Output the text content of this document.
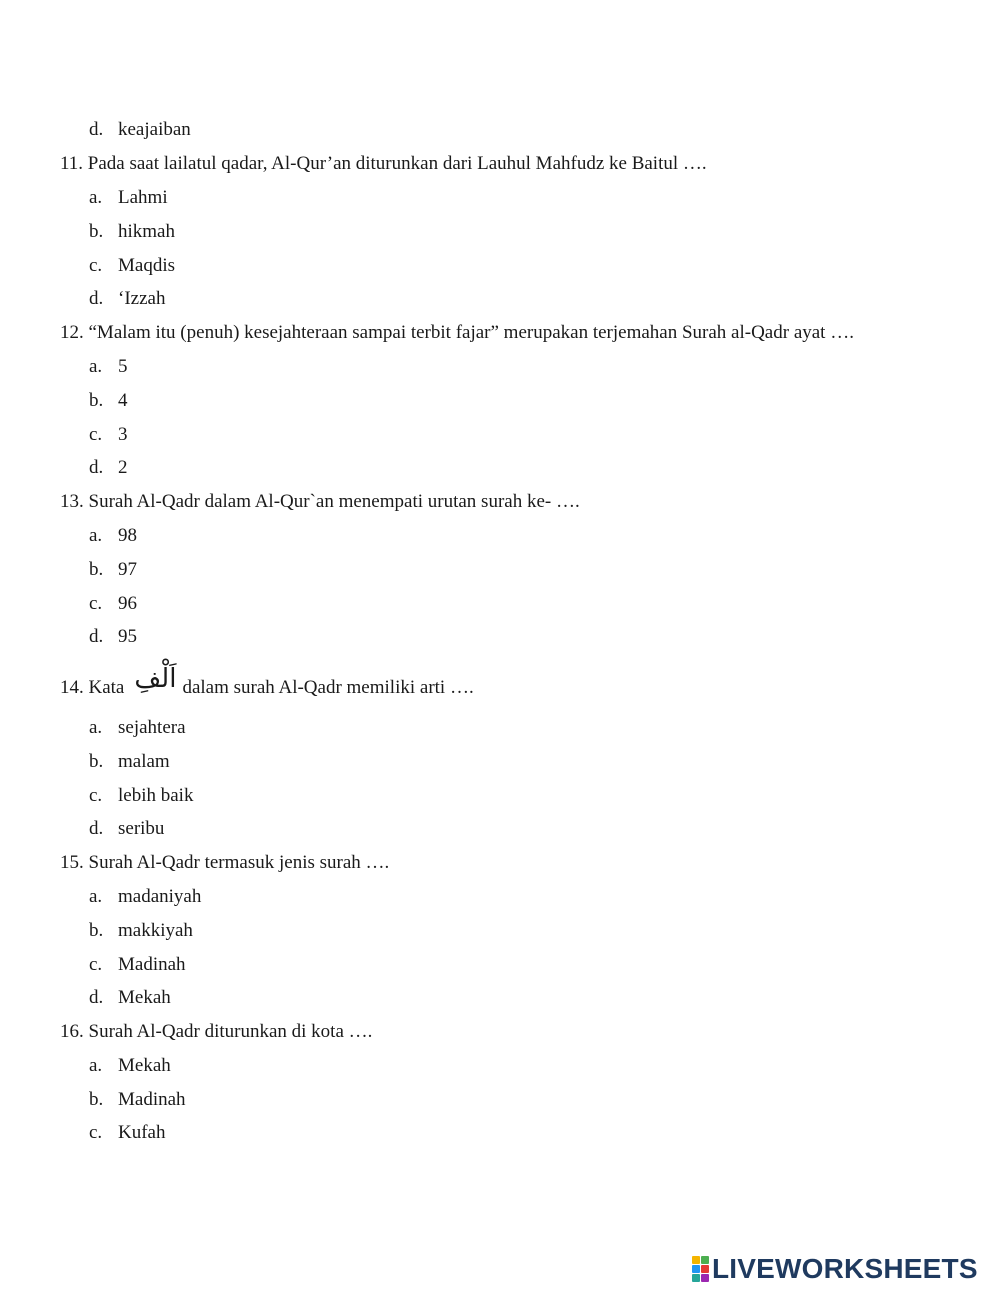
d. keajaiban
11. Pada saat lailatul qadar, Al-Qur’an diturunkan dari Lauhul Mahfudz ke Baitul ….
a. Lahmi
b. hikmah
c. Maqdis
d. ‘Izzah
12. “Malam itu (penuh) kesejahteraan sampai terbit fajar” merupakan terjemahan Surah al-Qadr ayat ….
a. 5
b. 4
c. 3
d. 2
13. Surah Al-Qadr dalam Al-Qur`an menempati urutan surah ke- ….
a. 98
b. 97
c. 96
d. 95
14. Kata اَلْفِ dalam surah Al-Qadr memiliki arti ….
a. sejahtera
b. malam
c. lebih baik
d. seribu
15. Surah Al-Qadr termasuk jenis surah ….
a. madaniyah
b. makkiyah
c. Madinah
d. Mekah
16. Surah Al-Qadr diturunkan di kota ….
a. Mekah
b. Madinah
c. Kufah
LIVEWORKSHEETS
